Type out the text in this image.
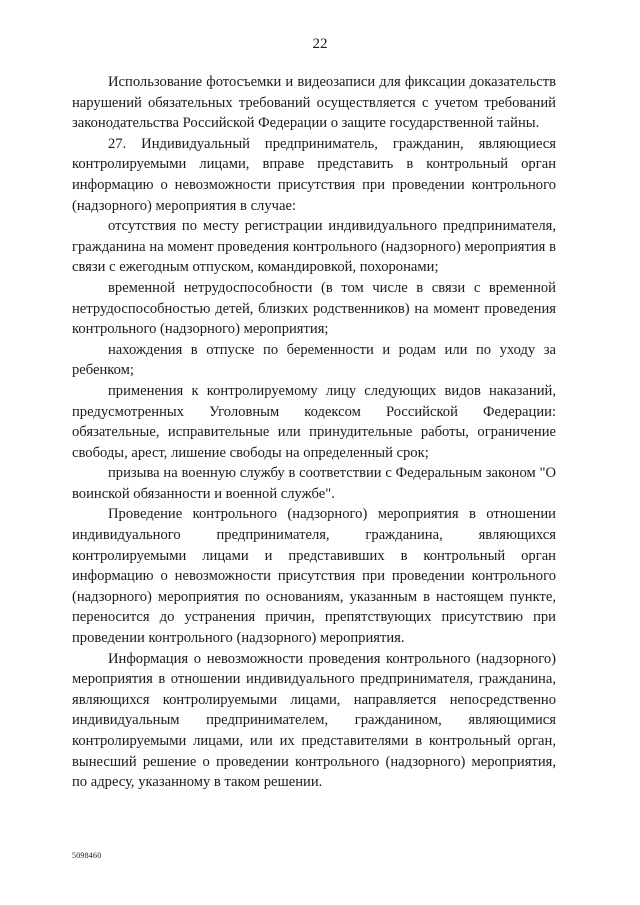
22

Использование фотосъемки и видеозаписи для фиксации доказательств нарушений обязательных требований осуществляется с учетом требований законодательства Российской Федерации о защите государственной тайны.

27. Индивидуальный предприниматель, гражданин, являющиеся контролируемыми лицами, вправе представить в контрольный орган информацию о невозможности присутствия при проведении контрольного (надзорного) мероприятия в случае:

отсутствия по месту регистрации индивидуального предпринимателя, гражданина на момент проведения контрольного (надзорного) мероприятия в связи с ежегодным отпуском, командировкой, похоронами;

временной нетрудоспособности (в том числе в связи с временной нетрудоспособностью детей, близких родственников) на момент проведения контрольного (надзорного) мероприятия;

нахождения в отпуске по беременности и родам или по уходу за ребенком;

применения к контролируемому лицу следующих видов наказаний, предусмотренных Уголовным кодексом Российской Федерации: обязательные, исправительные или принудительные работы, ограничение свободы, арест, лишение свободы на определенный срок;

призыва на военную службу в соответствии с Федеральным законом "О воинской обязанности и военной службе".

Проведение контрольного (надзорного) мероприятия в отношении индивидуального предпринимателя, гражданина, являющихся контролируемыми лицами и представивших в контрольный орган информацию о невозможности присутствия при проведении контрольного (надзорного) мероприятия по основаниям, указанным в настоящем пункте, переносится до устранения причин, препятствующих присутствию при проведении контрольного (надзорного) мероприятия.

Информация о невозможности проведения контрольного (надзорного) мероприятия в отношении индивидуального предпринимателя, гражданина, являющихся контролируемыми лицами, направляется непосредственно индивидуальным предпринимателем, гражданином, являющимися контролируемыми лицами, или их представителями в контрольный орган, вынесший решение о проведении контрольного (надзорного) мероприятия, по адресу, указанному в таком решении.

5098460
